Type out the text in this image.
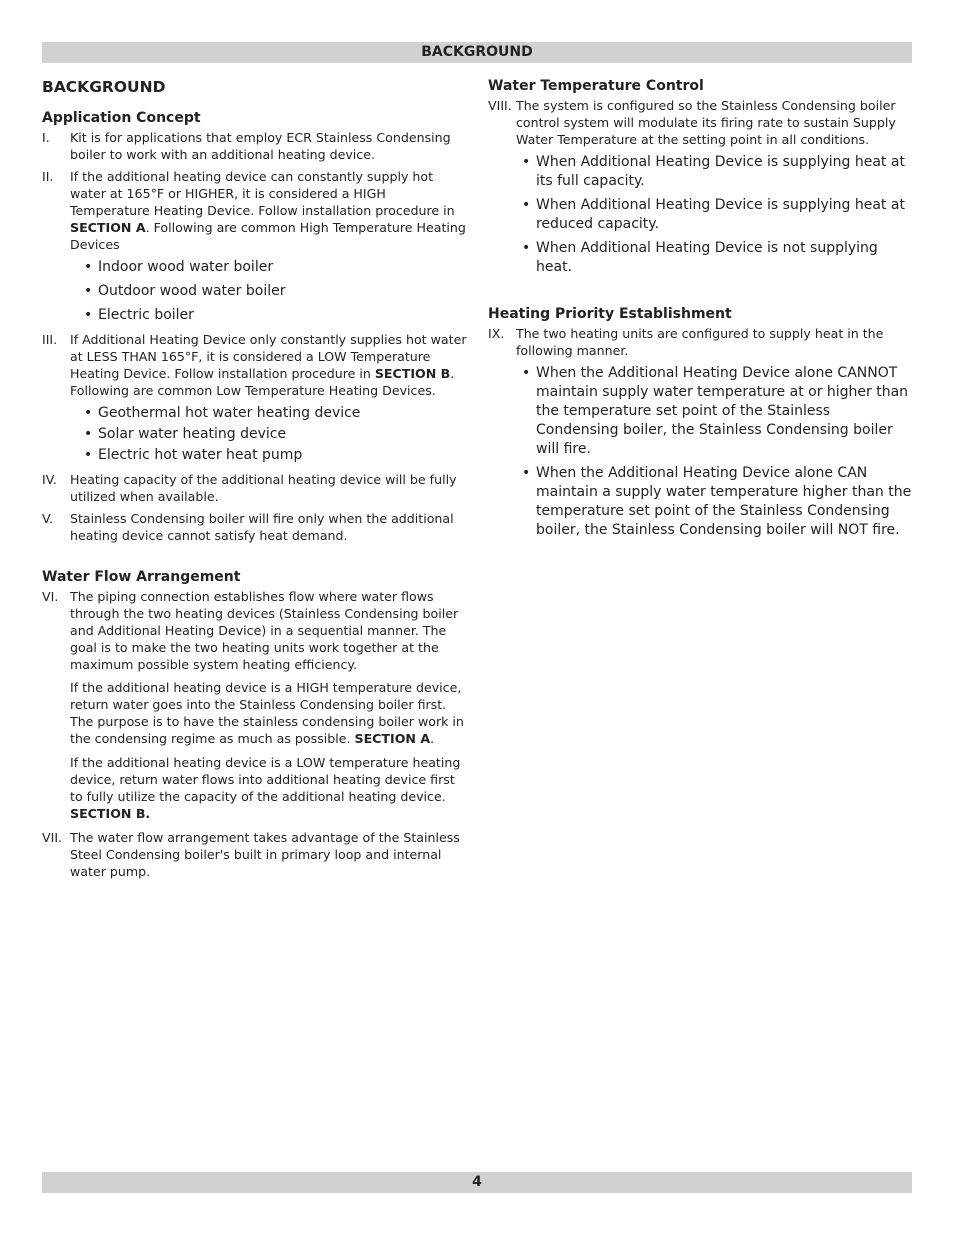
BACKGROUND
BACKGROUND
Application Concept
I. Kit is for applications that employ ECR Stainless Condensing boiler to work with an additional heating device.
II. If the additional heating device can constantly supply hot water at 165°F or HIGHER, it is considered a HIGH Temperature Heating Device. Follow installation procedure in SECTION A. Following are common High Temperature Heating Devices
• Indoor wood water boiler
• Outdoor wood water boiler
• Electric boiler
III. If Additional Heating Device only constantly supplies hot water at LESS THAN 165°F, it is considered a LOW Temperature Heating Device. Follow installation procedure in SECTION B. Following are common Low Temperature Heating Devices.
• Geothermal hot water heating device
• Solar water heating device
• Electric hot water heat pump
IV. Heating capacity of the additional heating device will be fully utilized when available.
V. Stainless Condensing boiler will fire only when the additional heating device cannot satisfy heat demand.
Water Flow Arrangement
VI. The piping connection establishes flow where water flows through the two heating devices (Stainless Condensing boiler and Additional Heating Device) in a sequential manner. The goal is to make the two heating units work together at the maximum possible system heating efficiency.
If the additional heating device is a HIGH temperature device, return water goes into the Stainless Condensing boiler first. The purpose is to have the stainless condensing boiler work in the condensing regime as much as possible. SECTION A.
If the additional heating device is a LOW temperature heating device, return water flows into additional heating device first to fully utilize the capacity of the additional heating device. SECTION B.
VII. The water flow arrangement takes advantage of the Stainless Steel Condensing boiler's built in primary loop and internal water pump.
Water Temperature Control
VIII. The system is configured so the Stainless Condensing boiler control system will modulate its firing rate to sustain Supply Water Temperature at the setting point in all conditions.
• When Additional Heating Device is supplying heat at its full capacity.
• When Additional Heating Device is supplying heat at reduced capacity.
• When Additional Heating Device is not supplying heat.
Heating Priority Establishment
IX. The two heating units are configured to supply heat in the following manner.
• When the Additional Heating Device alone CANNOT maintain supply water temperature at or higher than the temperature set point of the Stainless Condensing boiler, the Stainless Condensing boiler will fire.
• When the Additional Heating Device alone CAN maintain a supply water temperature higher than the temperature set point of the Stainless Condensing boiler, the Stainless Condensing boiler will NOT fire.
4
